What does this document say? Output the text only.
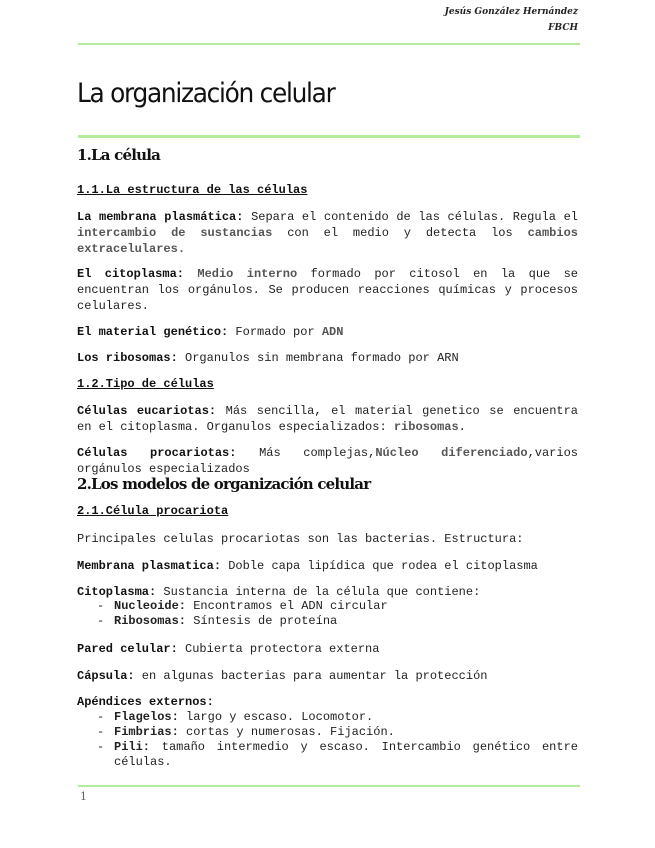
Jesús González Hernández
FBCH
La organización celular
1.La célula
1.1.La estructura de las células
La membrana plasmática: Separa el contenido de las células. Regula el intercambio de sustancias con el medio y detecta los cambios extracelulares.
El citoplasma: Medio interno formado por citosol en la que se encuentran los orgánulos. Se producen reacciones químicas y procesos celulares.
El material genético: Formado por ADN
Los ribosomas: Organulos sin membrana formado por ARN
1.2.Tipo de células
Células eucariotas: Más sencilla, el material genetico se encuentra en el citoplasma. Organulos especializados: ribosomas.
Células procariotas: Más complejas,Núcleo diferenciado,varios orgánulos especializados
2.Los modelos de organización celular
2.1.Célula procariota
Principales celulas procariotas son las bacterias. Estructura:
Membrana plasmatica: Doble capa lipídica que rodea el citoplasma
Citoplasma: Sustancia interna de la célula que contiene:
- Nucleoide: Encontramos el ADN circular
- Ribosomas: Síntesis de proteína
Pared celular: Cubierta protectora externa
Cápsula: en algunas bacterias para aumentar la protección
Apéndices externos:
- Flagelos: largo y escaso. Locomotor.
- Fimbrias: cortas y numerosas. Fijación.
- Pili: tamaño intermedio y escaso. Intercambio genético entre células.
1
